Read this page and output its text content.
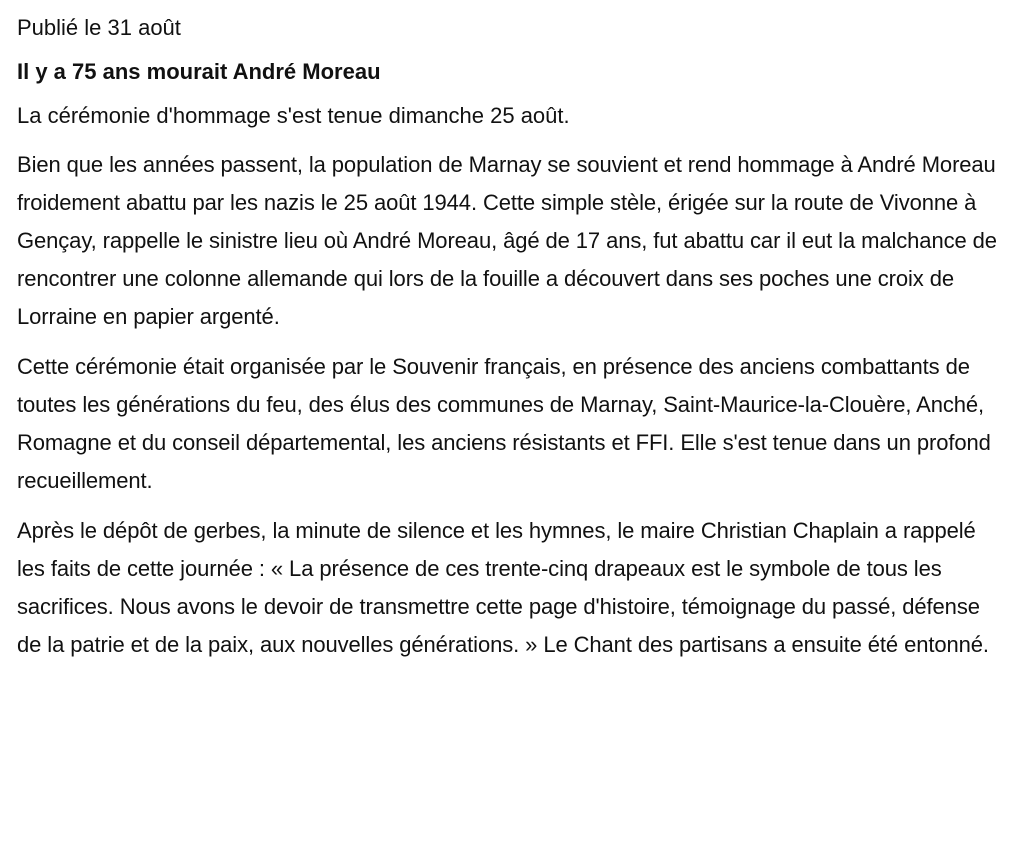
Publié le 31 août

Il y a 75 ans mourait André Moreau

La cérémonie d'hommage s'est tenue dimanche 25 août.

Bien que les années passent, la population de Marnay se souvient et rend hommage à André Moreau froidement abattu par les nazis le 25 août 1944. Cette simple stèle, érigée sur la route de Vivonne à Gençay, rappelle le sinistre lieu où André Moreau, âgé de 17 ans, fut abattu car il eut la malchance de rencontrer une colonne allemande qui lors de la fouille a découvert dans ses poches une croix de Lorraine en papier argenté.

Cette cérémonie était organisée par le Souvenir français, en présence des anciens combattants de toutes les générations du feu, des élus des communes de Marnay, Saint-Maurice-la-Clouère, Anché, Romagne et du conseil départemental, les anciens résistants et FFI. Elle s'est tenue dans un profond recueillement.

Après le dépôt de gerbes, la minute de silence et les hymnes, le maire Christian Chaplain a rappelé les faits de cette journée : « La présence de ces trente-cinq drapeaux est le symbole de tous les sacrifices. Nous avons le devoir de transmettre cette page d'histoire, témoignage du passé, défense de la patrie et de la paix, aux nouvelles générations. » Le Chant des partisans a ensuite été entonné.
